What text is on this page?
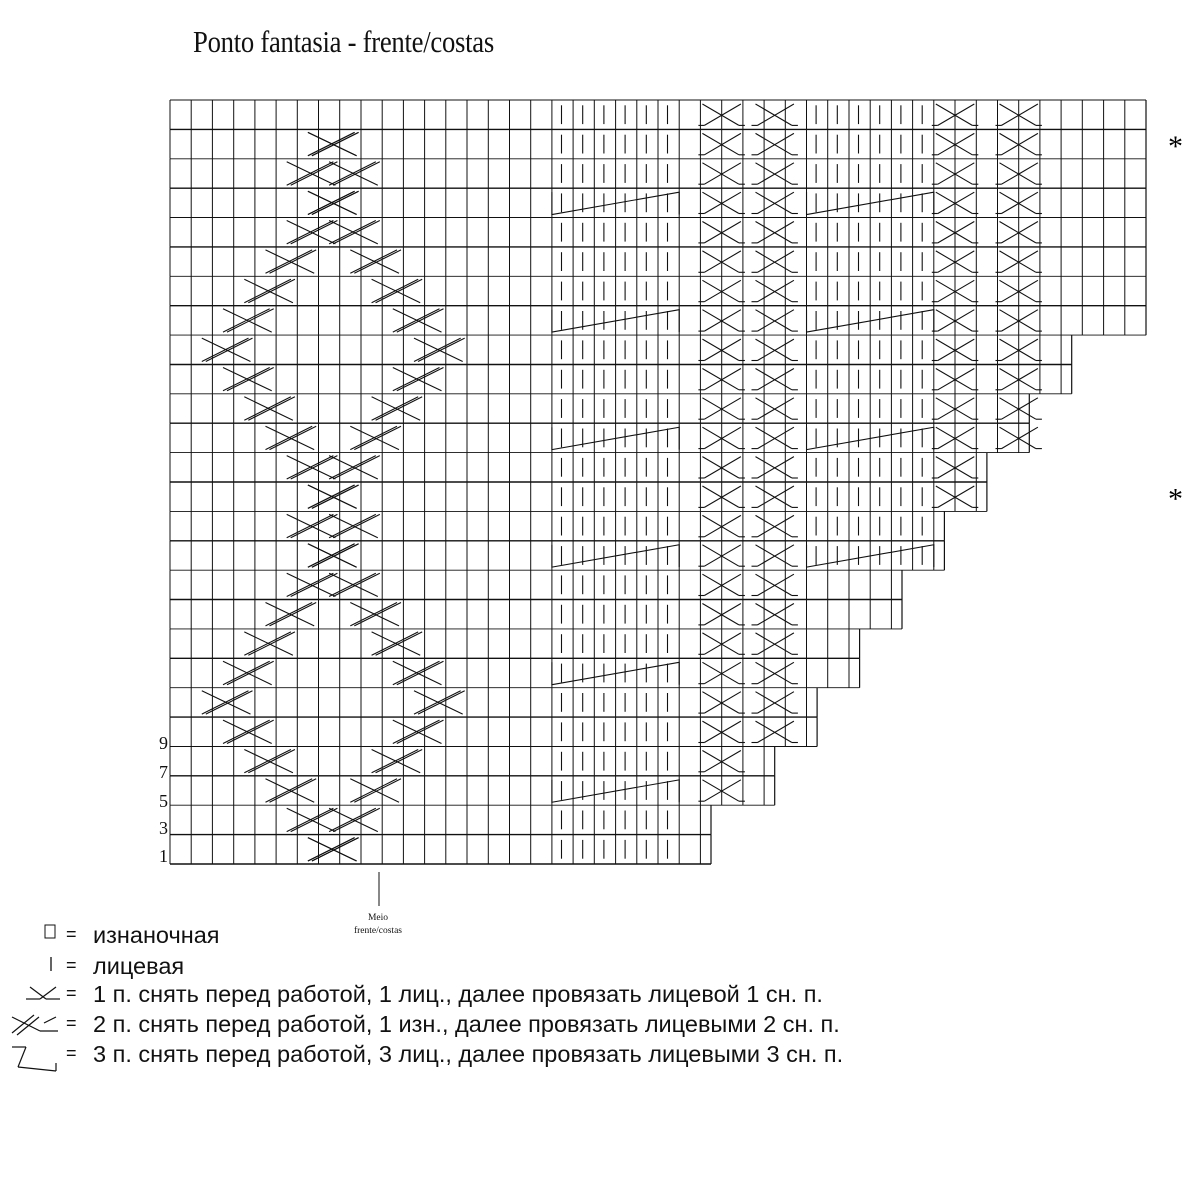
Ponto fantasia - frente/costas
*
*
9
7
5
3
1
Meio
frente/costas
= изнаночная
= лицевая
= 1 п. снять перед работой, 1 лиц., далее провязать лицевой 1 сн. п.
= 2 п. снять перед работой, 1 изн., далее провязать лицевыми 2 сн. п.
= 3 п. снять перед работой, 3 лиц., далее провязать лицевыми 3 сн. п.
